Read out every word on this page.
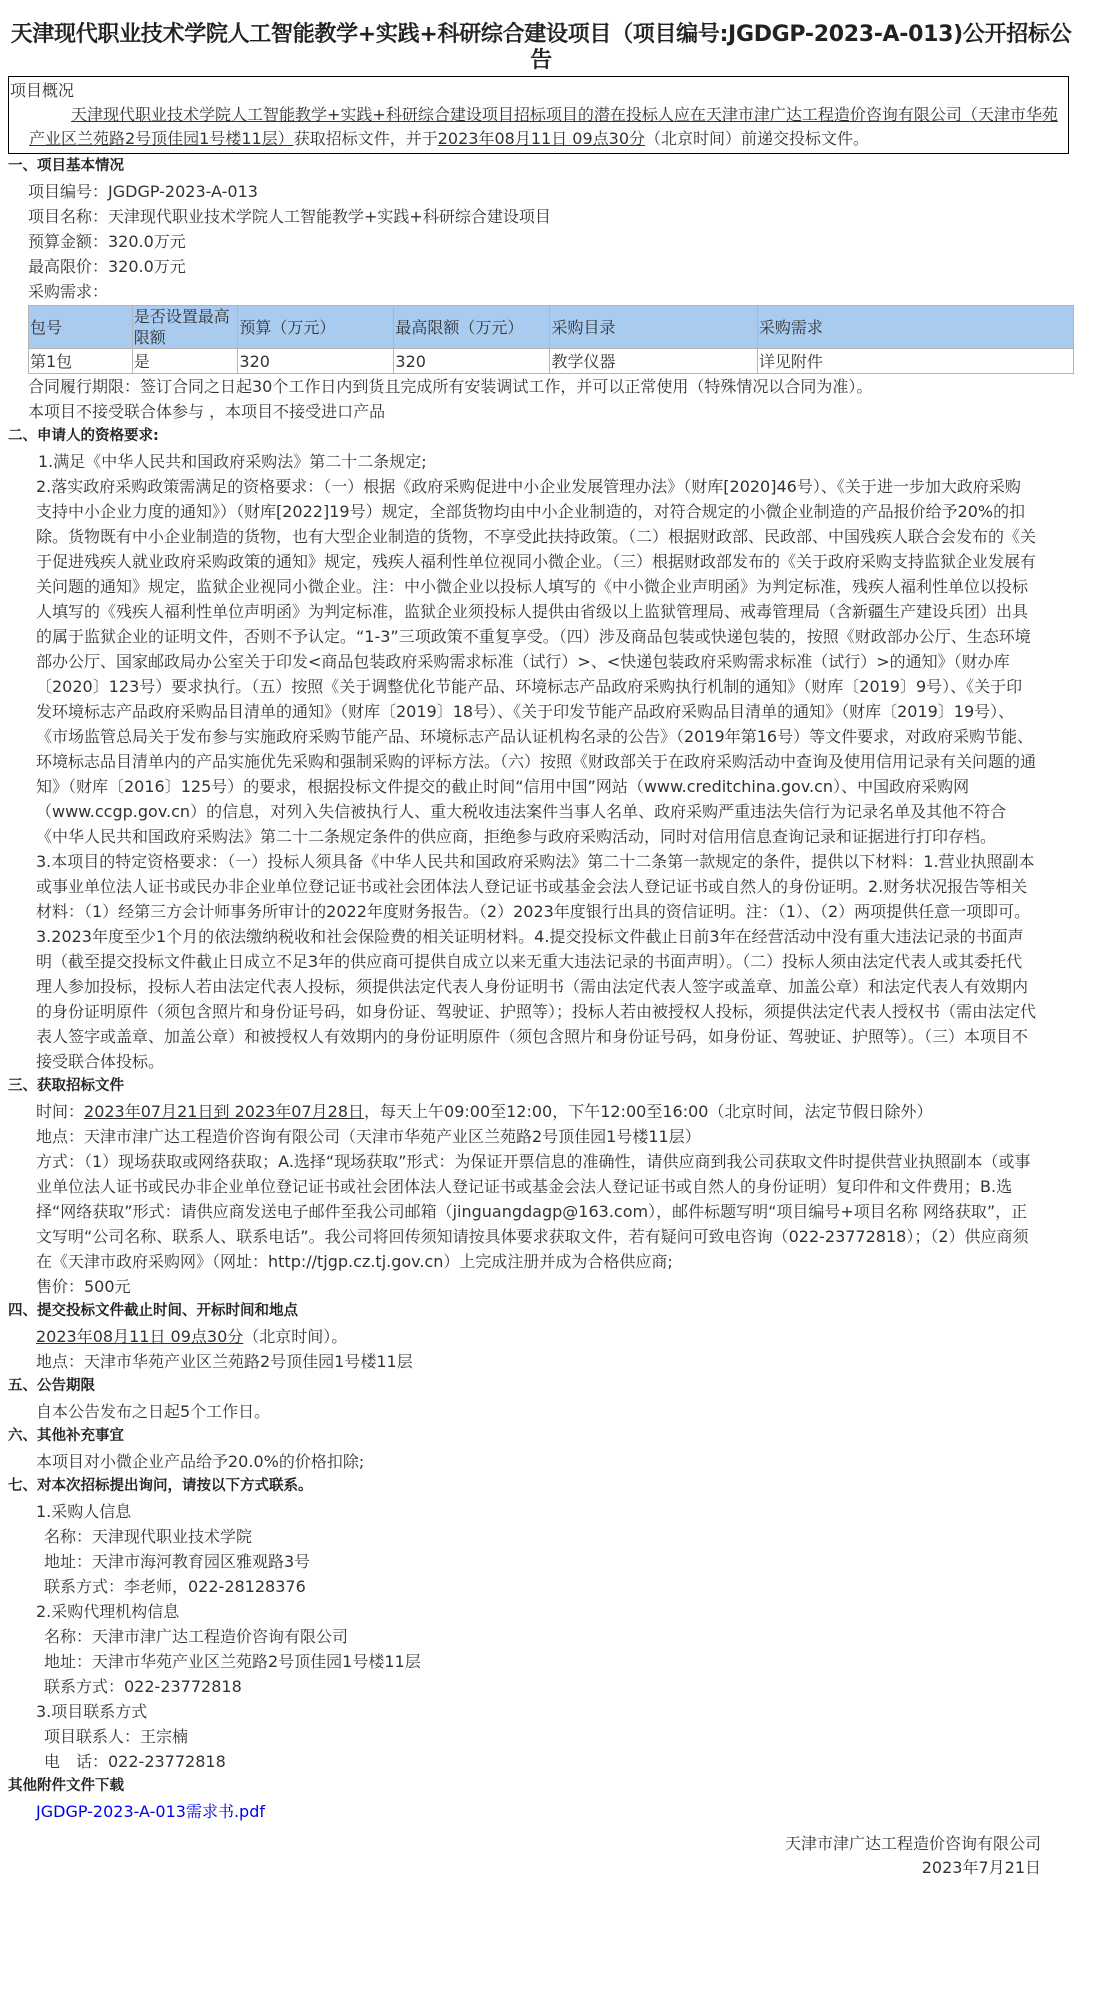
天津现代职业技术学院人工智能教学+实践+科研综合建设项目（项目编号:JGDGP-2023-A-013)公开招标公告
项目概况
天津现代职业技术学院人工智能教学+实践+科研综合建设项目招标项目的潜在投标人应在天津市津广达工程造价咨询有限公司（天津市华苑产业区兰苑路2号顶佳园1号楼11层）获取招标文件，并于2023年08月11日 09点30分（北京时间）前递交投标文件。

一、项目基本情况

项目编号：JGDGP-2023-A-013

项目名称：天津现代职业技术学院人工智能教学+实践+科研综合建设项目

预算金额：320.0万元

最高限价：320.0万元

采购需求：

包号	是否设置最高限额	预算（万元）	最高限额（万元）	采购目录	采购需求
第1包	是	320	320	教学仪器	详见附件

合同履行期限：签订合同之日起30个工作日内到货且完成所有安装调试工作，并可以正常使用（特殊情况以合同为准）。

本项目不接受联合体参与 ，本项目不接受进口产品

二、申请人的资格要求:

1.满足《中华人民共和国政府采购法》第二十二条规定;

2.落实政府采购政策需满足的资格要求：（一）根据《政府采购促进中小企业发展管理办法》（财库[2020]46号）、《关于进一步加大政府采购支持中小企业力度的通知》）（财库[2022]19号）规定，全部货物均由中小企业制造的，对符合规定的小微企业制造的产品报价给予20%的扣除。货物既有中小企业制造的货物，也有大型企业制造的货物，不享受此扶持政策。（二）根据财政部、民政部、中国残疾人联合会发布的《关于促进残疾人就业政府采购政策的通知》规定，残疾人福利性单位视同小微企业。（三）根据财政部发布的《关于政府采购支持监狱企业发展有关问题的通知》规定，监狱企业视同小微企业。注：中小微企业以投标人填写的《中小微企业声明函》为判定标准，残疾人福利性单位以投标人填写的《残疾人福利性单位声明函》为判定标准，监狱企业须投标人提供由省级以上监狱管理局、戒毒管理局（含新疆生产建设兵团）出具的属于监狱企业的证明文件，否则不予认定。“1-3”三项政策不重复享受。（四）涉及商品包装或快递包装的，按照《财政部办公厅、生态环境部办公厅、国家邮政局办公室关于印发<商品包装政府采购需求标准（试行）>、<快递包装政府采购需求标准（试行）>的通知》（财办库〔2020〕123号）要求执行。（五）按照《关于调整优化节能产品、环境标志产品政府采购执行机制的通知》（财库〔2019〕9号）、《关于印发环境标志产品政府采购品目清单的通知》（财库〔2019〕18号）、《关于印发节能产品政府采购品目清单的通知》（财库〔2019〕19号）、《市场监管总局关于发布参与实施政府采购节能产品、环境标志产品认证机构名录的公告》（2019年第16号）等文件要求，对政府采购节能、环境标志品目清单内的产品实施优先采购和强制采购的评标方法。（六）按照《财政部关于在政府采购活动中查询及使用信用记录有关问题的通知》（财库〔2016〕125号）的要求，根据投标文件提交的截止时间“信用中国”网站（www.creditchina.gov.cn）、中国政府采购网（www.ccgp.gov.cn）的信息，对列入失信被执行人、重大税收违法案件当事人名单、政府采购严重违法失信行为记录名单及其他不符合《中华人民共和国政府采购法》第二十二条规定条件的供应商，拒绝参与政府采购活动，同时对信用信息查询记录和证据进行打印存档。

3.本项目的特定资格要求：（一）投标人须具备《中华人民共和国政府采购法》第二十二条第一款规定的条件，提供以下材料：1.营业执照副本或事业单位法人证书或民办非企业单位登记证书或社会团体法人登记证书或基金会法人登记证书或自然人的身份证明。2.财务状况报告等相关材料：（1）经第三方会计师事务所审计的2022年度财务报告。（2）2023年度银行出具的资信证明。注：（1）、（2）两项提供任意一项即可。3.2023年度至少1个月的依法缴纳税收和社会保险费的相关证明材料。4.提交投标文件截止日前3年在经营活动中没有重大违法记录的书面声明（截至提交投标文件截止日成立不足3年的供应商可提供自成立以来无重大违法记录的书面声明）。（二）投标人须由法定代表人或其委托代理人参加投标，投标人若由法定代表人投标，须提供法定代表人身份证明书（需由法定代表人签字或盖章、加盖公章）和法定代表人有效期内的身份证明原件（须包含照片和身份证号码，如身份证、驾驶证、护照等）；投标人若由被授权人投标，须提供法定代表人授权书（需由法定代表人签字或盖章、加盖公章）和被授权人有效期内的身份证明原件（须包含照片和身份证号码，如身份证、驾驶证、护照等）。（三）本项目不接受联合体投标。

三、获取招标文件

时间：2023年07月21日到 2023年07月28日，每天上午09:00至12:00，下午12:00至16:00（北京时间，法定节假日除外）

地点：天津市津广达工程造价咨询有限公司（天津市华苑产业区兰苑路2号顶佳园1号楼11层）

方式：（1）现场获取或网络获取；A.选择“现场获取”形式：为保证开票信息的准确性，请供应商到我公司获取文件时提供营业执照副本（或事业单位法人证书或民办非企业单位登记证书或社会团体法人登记证书或基金会法人登记证书或自然人的身份证明）复印件和文件费用；B.选择“网络获取”形式：请供应商发送电子邮件至我公司邮箱（jinguangdagp@163.com），邮件标题写明“项目编号+项目名称 网络获取”，正文写明“公司名称、联系人、联系电话”。我公司将回传须知请按具体要求获取文件，若有疑问可致电咨询（022-23772818）；（2）供应商须在《天津市政府采购网》（网址：http://tjgp.cz.tj.gov.cn）上完成注册并成为合格供应商;

售价：500元

四、提交投标文件截止时间、开标时间和地点

2023年08月11日 09点30分（北京时间）。

地点：天津市华苑产业区兰苑路2号顶佳园1号楼11层

五、公告期限

自本公告发布之日起5个工作日。

六、其他补充事宜

本项目对小微企业产品给予20.0%的价格扣除;

七、对本次招标提出询问，请按以下方式联系。

1.采购人信息

名称：天津现代职业技术学院

地址：天津市海河教育园区雅观路3号

联系方式：李老师，022-28128376

2.采购代理机构信息

名称：天津市津广达工程造价咨询有限公司

地址：天津市华苑产业区兰苑路2号顶佳园1号楼11层

联系方式：022-23772818

3.项目联系方式

项目联系人：王宗楠

电　话：022-23772818

其他附件文件下载

JGDGP-2023-A-013需求书.pdf
天津市津广达工程造价咨询有限公司
2023年7月21日
